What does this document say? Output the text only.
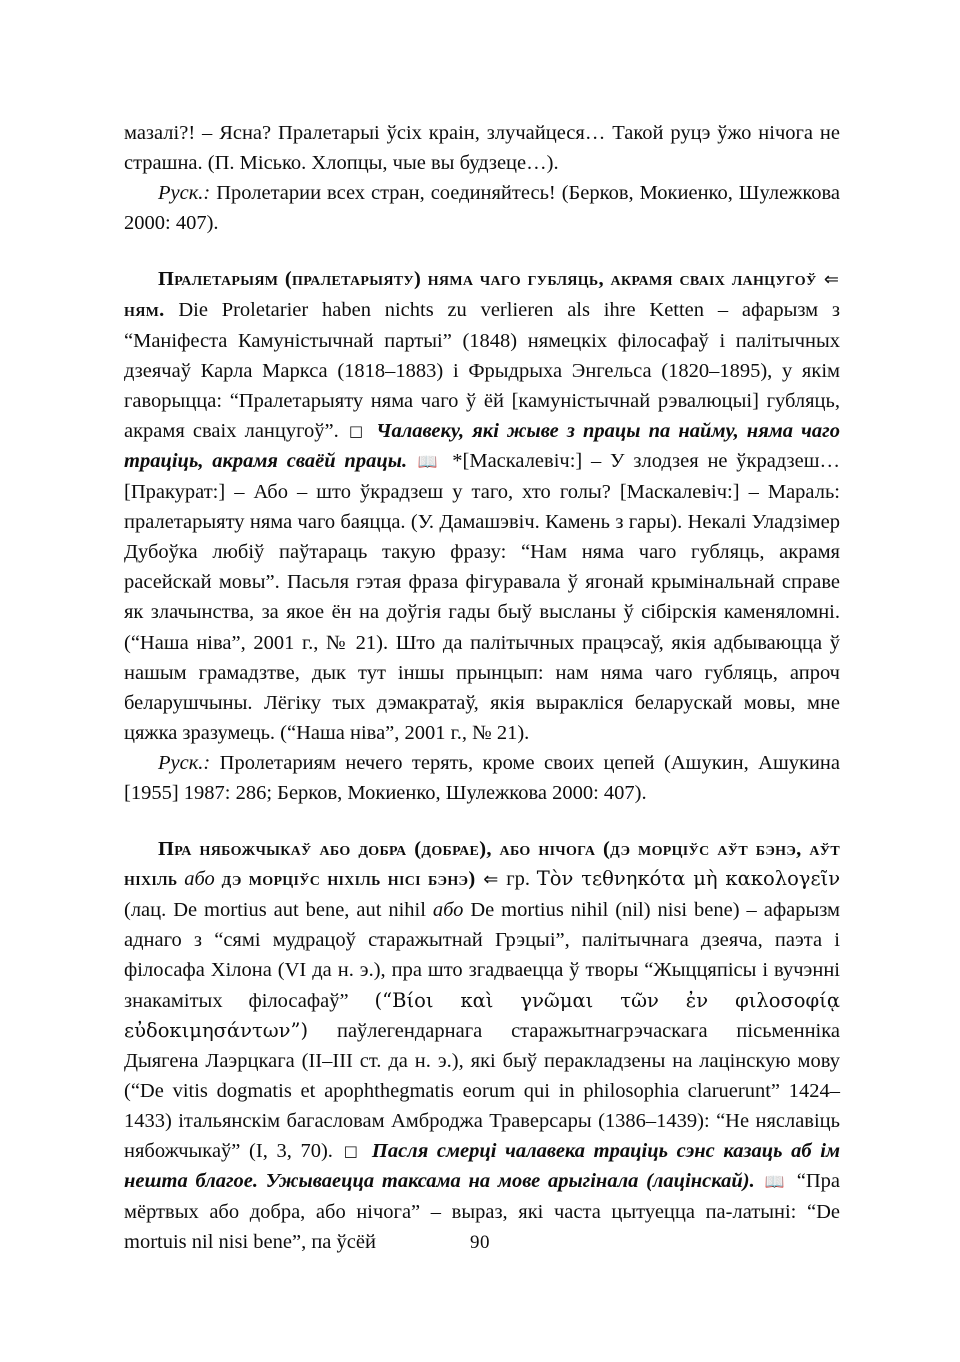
мазалі?! – Ясна? Пралетарыі ўсіх краін, злучайцеся… Такой руцэ ўжо нічога не страшна. (П. Місько. Хлопцы, чые вы будзеце…).

Руск.: Пролетарии всех стран, соединяйтесь! (Берков, Мокиенко, Шулежкова 2000: 407).

Пралетарыям (пралетарыяту) няма чаго губляць, акрамя сваіх ланцугоў ⇐ ням. Die Proletarier haben nichts zu verlieren als ihre Ketten – афарызм з “Маніфеста Камуністычнай партыі” (1848) нямецкіх філосафаў і палітычных дзеячаў Карла Маркса (1818–1883) і Фрыдрыха Энгельса (1820–1895), у якім гаворыцца: “Пралетарыяту няма чаго ў ёй [камуністычнай рэвалюцыі] губляць, акрамя сваіх ланцугоў”. □ Чалавеку, які жыве з працы па найму, няма чаго траціць, акрамя сваёй працы. 📖 *[Маскалевіч:] – У злодзея не ўкрадзеш… [Пракурат:] – Або – што ўкрадзеш у таго, хто голы? [Маскалевіч:] – Мараль: пралетарыяту няма чаго баяцца. (У. Дамашэвіч. Камень з гары). Некалі Уладзімер Дубоўка любіў паўтараць такую фразу: “Нам няма чаго губляць, акрамя расейскай мовы”. Пасьля гэтая фраза фігуравала ў ягонай крымінальнай справе як злачынства, за якое ён на доўгія гады быў высланы ў сібірскія каменяломні. (“Наша ніва”, 2001 г., № 21). Што да палітычных працэсаў, якія адбываюцца ў нашым грамадзтве, дык тут іншы прынцып: нам няма чаго губляць, апроч беларушчыны. Лёгіку тых дэмакратаў, якія выракліся беларускай мовы, мне цяжка зразумець. (“Наша ніва”, 2001 г., № 21).

Руск.: Пролетариям нечего терять, кроме своих цепей (Ашукин, Ашукина [1955] 1987: 286; Берков, Мокиенко, Шулежкова 2000: 407).

Пра нябожчыкаў або добра (добрае), або нічога (дэ морціўс аўт бэнэ, аўт ніхіль або дэ морціўс ніхіль нісі бэнэ) ⇐ гр. Τὸν τεθνηκότα μὴ κακολογεῖν (лац. De mortius aut bene, aut nihil або De mortius nihil (nil) nisi bene) – афарызм аднаго з “сямі мудрацоў старажытнай Грэцыі”, палітычнага дзеяча, паэта і філосафа Хілона (VI да н. э.), пра што згадваецца ў творы “Жыццяпісы і вучэнні знакамітых філосафаў” (“Βίοι καὶ γνῶμαι τῶν ἐν φιλοσοφίᾳ εὐδοκιμησάντων”) паўлегендарнага старажытнагрэчаскага пісьменніка Дыягена Лаэрцкага (II–III ст. да н. э.), які быў перакладзены на лацінскую мову (“De vitis dogmatis et apophthegmatis eorum qui in philosophia claruerunt” 1424–1433) італьянскім багасловам Амброджа Траверсары (1386–1439): “Не няславіць нябожчыкаў” (I, 3, 70). □ Пасля смерці чалавека траціць сэнс казаць аб ім нешта благое. Ужываецца таксама на мове арыгінала (лацінскай). 📖 “Пра мёртвых або добра, або нічога” – выраз, які часта цытуецца па-латыні: “De mortuis nil nisi bene”, па ўсёй	90
